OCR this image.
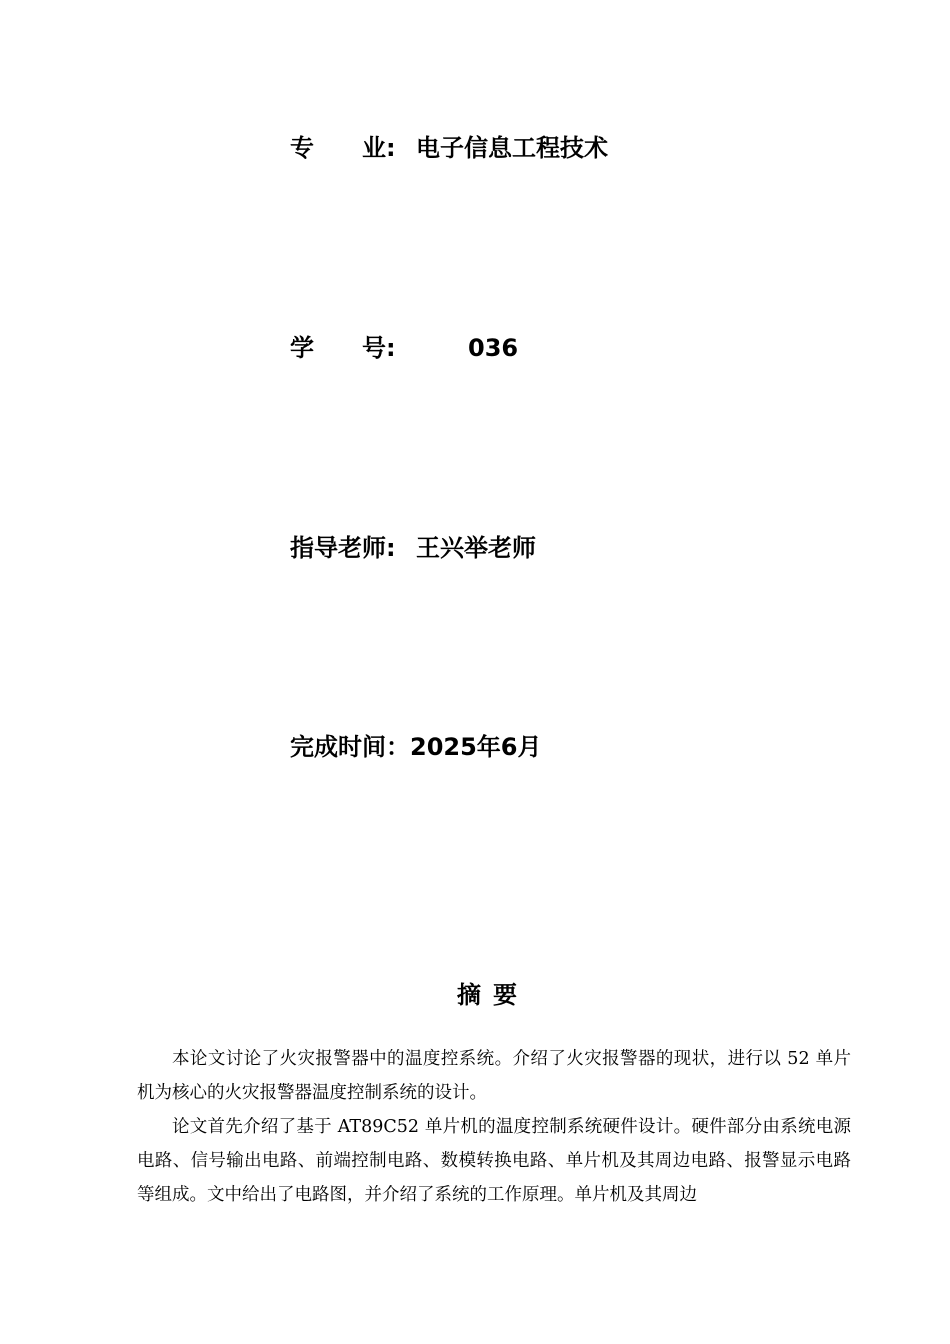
专　　业: 电子信息工程技术
学　　号:	036
指导老师: 王兴举老师
完成时间：2025年6月
摘要

本论文讨论了火灾报警器中的温度控系统。介绍了火灾报警器的现状，进行以 52 单片机为核心的火灾报警器温度控制系统的设计。

论文首先介绍了基于 AT89C52 单片机的温度控制系统硬件设计。硬件部分由系统电源电路、信号输出电路、前端控制电路、数模转换电路、单片机及其周边电路、报警显示电路等组成。文中给出了电路图，并介绍了系统的工作原理。单片机及其周边
